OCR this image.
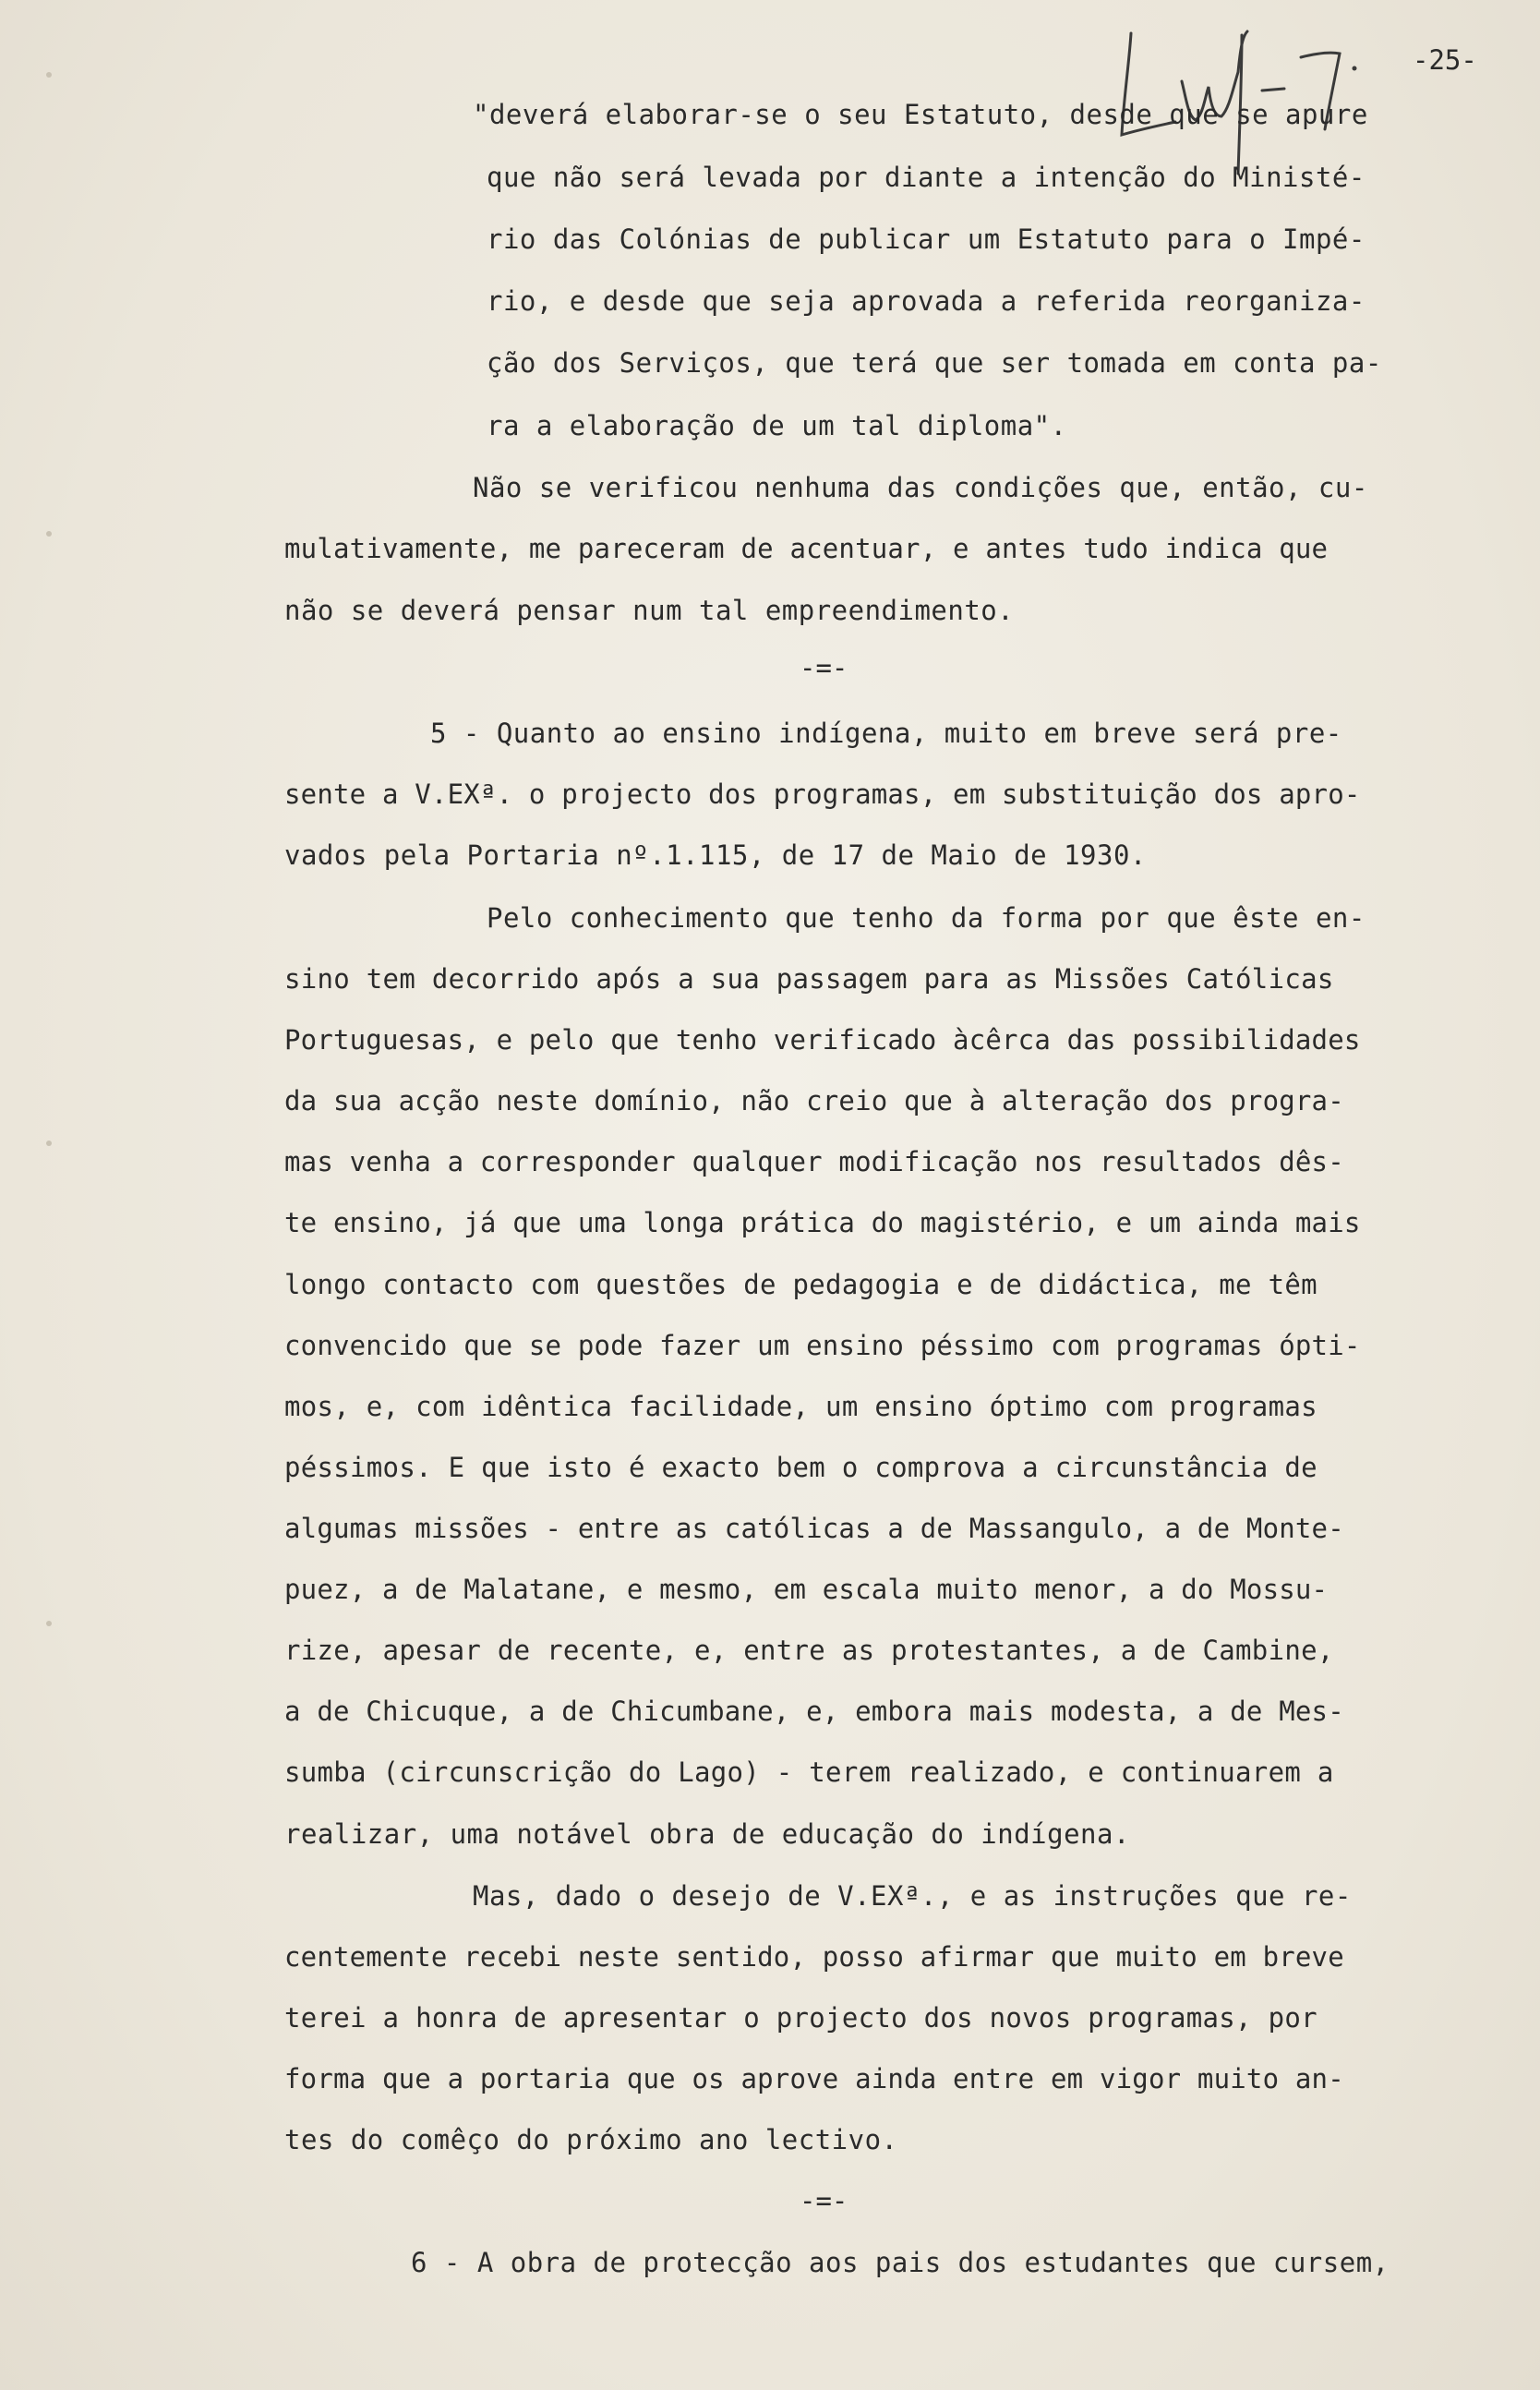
-25-
"deverá elaborar-se o seu Estatuto, desde que se apure
que não será levada por diante a intenção do Ministé-
rio das Colónias de publicar um Estatuto para o Impé-
rio, e desde que seja aprovada a referida reorganiza-
ção dos Serviços, que terá que ser tomada em conta pa-
ra a elaboração de um tal diploma".
Não se verificou nenhuma das condições que, então, cu-
mulativamente, me pareceram de acentuar, e antes tudo indica que
não se deverá pensar num tal empreendimento.
-=-
5 - Quanto ao ensino indígena, muito em breve será pre-
sente a V.EXª. o projecto dos programas, em substituição dos apro-
vados pela Portaria nº.1.115, de 17 de Maio de 1930.
Pelo conhecimento que tenho da forma por que êste en-
sino tem decorrido após a sua passagem para as Missões Católicas
Portuguesas, e pelo que tenho verificado àcêrca das possibilidades
da sua acção neste domínio, não creio que à alteração dos progra-
mas venha a corresponder qualquer modificação nos resultados dês-
te ensino, já que uma longa prática do magistério, e um ainda mais
longo contacto com questões de pedagogia e de didáctica, me têm
convencido que se pode fazer um ensino péssimo com programas ópti-
mos, e, com idêntica facilidade, um ensino óptimo com programas
péssimos. E que isto é exacto bem o comprova a circunstância de
algumas missões - entre as católicas a de Massangulo, a de Monte-
puez, a de Malatane, e mesmo, em escala muito menor, a do Mossu-
rize, apesar de recente, e, entre as protestantes, a de Cambine,
a de Chicuque, a de Chicumbane, e, embora mais modesta, a de Mes-
sumba (circunscrição do Lago) - terem realizado, e continuarem a
realizar, uma notável obra de educação do indígena.
Mas, dado o desejo de V.EXª., e as instruções que re-
centemente recebi neste sentido, posso afirmar que muito em breve
terei a honra de apresentar o projecto dos novos programas, por
forma que a portaria que os aprove ainda entre em vigor muito an-
tes do comêço do próximo ano lectivo.
-=-
6 - A obra de protecção aos pais dos estudantes que cursem,
